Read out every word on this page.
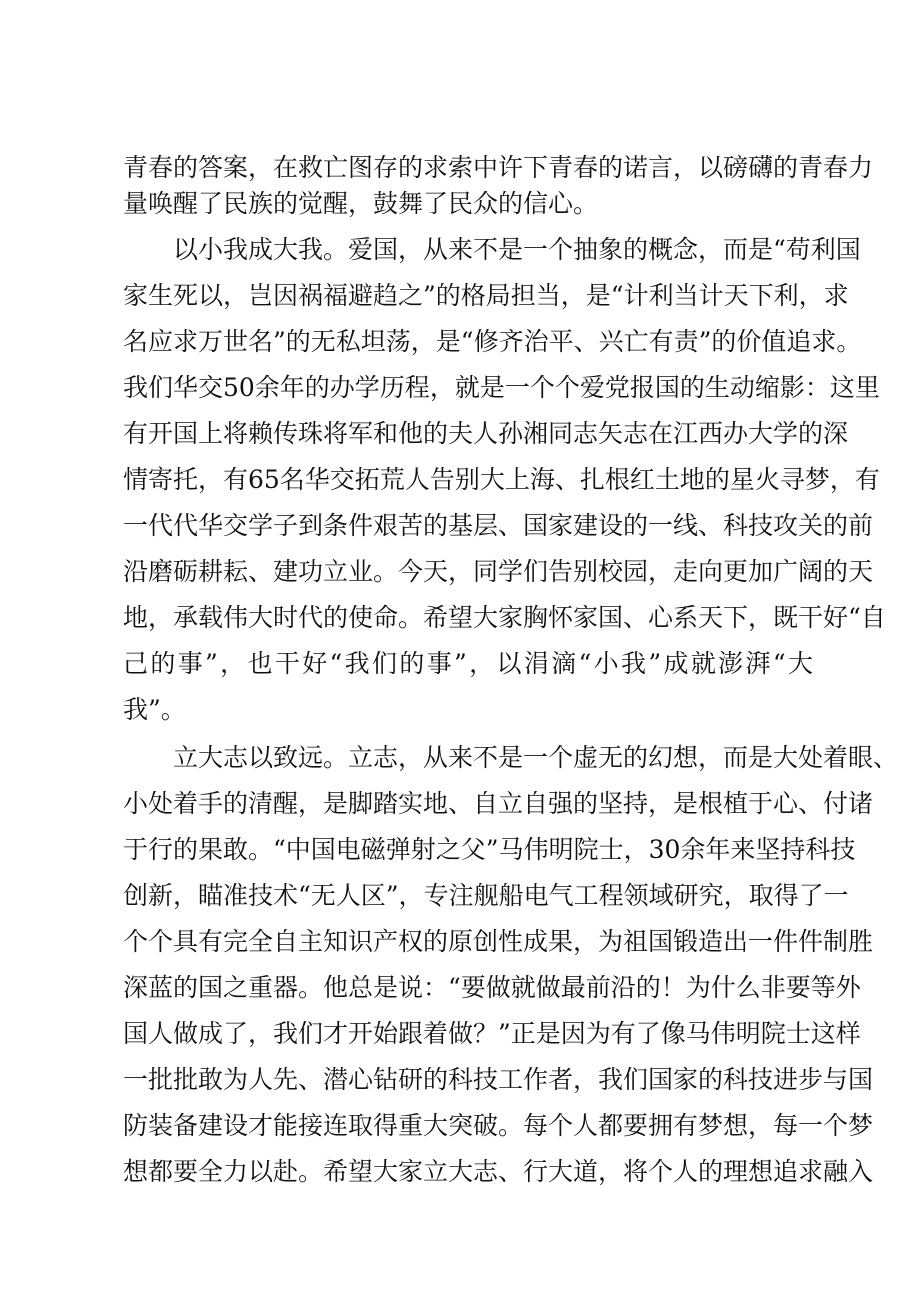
青春的答案，在救亡图存的求索中许下青春的诺言，以磅礴的青春力
量唤醒了民族的觉醒，鼓舞了民众的信心。
以小我成大我。爱国，从来不是一个抽象的概念，而是“苟利国
家生死以，岂因祸福避趋之”的格局担当，是“计利当计天下利，求
名应求万世名”的无私坦荡，是“修齐治平、兴亡有责”的价值追求。
我们华交50余年的办学历程，就是一个个爱党报国的生动缩影：这里
有开国上将赖传珠将军和他的夫人孙湘同志矢志在江西办大学的深
情寄托，有65名华交拓荒人告别大上海、扎根红土地的星火寻梦，有
一代代华交学子到条件艰苦的基层、国家建设的一线、科技攻关的前
沿磨砺耕耘、建功立业。今天，同学们告别校园，走向更加广阔的天
地，承载伟大时代的使命。希望大家胸怀家国、心系天下，既干好“自
己的事”，也干好“我们的事”，以涓滴“小我”成就澎湃“大
我”。
立大志以致远。立志，从来不是一个虚无的幻想，而是大处着眼、
小处着手的清醒，是脚踏实地、自立自强的坚持，是根植于心、付诸
于行的果敢。“中国电磁弹射之父”马伟明院士，30余年来坚持科技
创新，瞄准技术“无人区”，专注舰船电气工程领域研究，取得了一
个个具有完全自主知识产权的原创性成果，为祖国锻造出一件件制胜
深蓝的国之重器。他总是说：“要做就做最前沿的！为什么非要等外
国人做成了，我们才开始跟着做？”正是因为有了像马伟明院士这样
一批批敢为人先、潜心钻研的科技工作者，我们国家的科技进步与国
防装备建设才能接连取得重大突破。每个人都要拥有梦想，每一个梦
想都要全力以赴。希望大家立大志、行大道，将个人的理想追求融入
